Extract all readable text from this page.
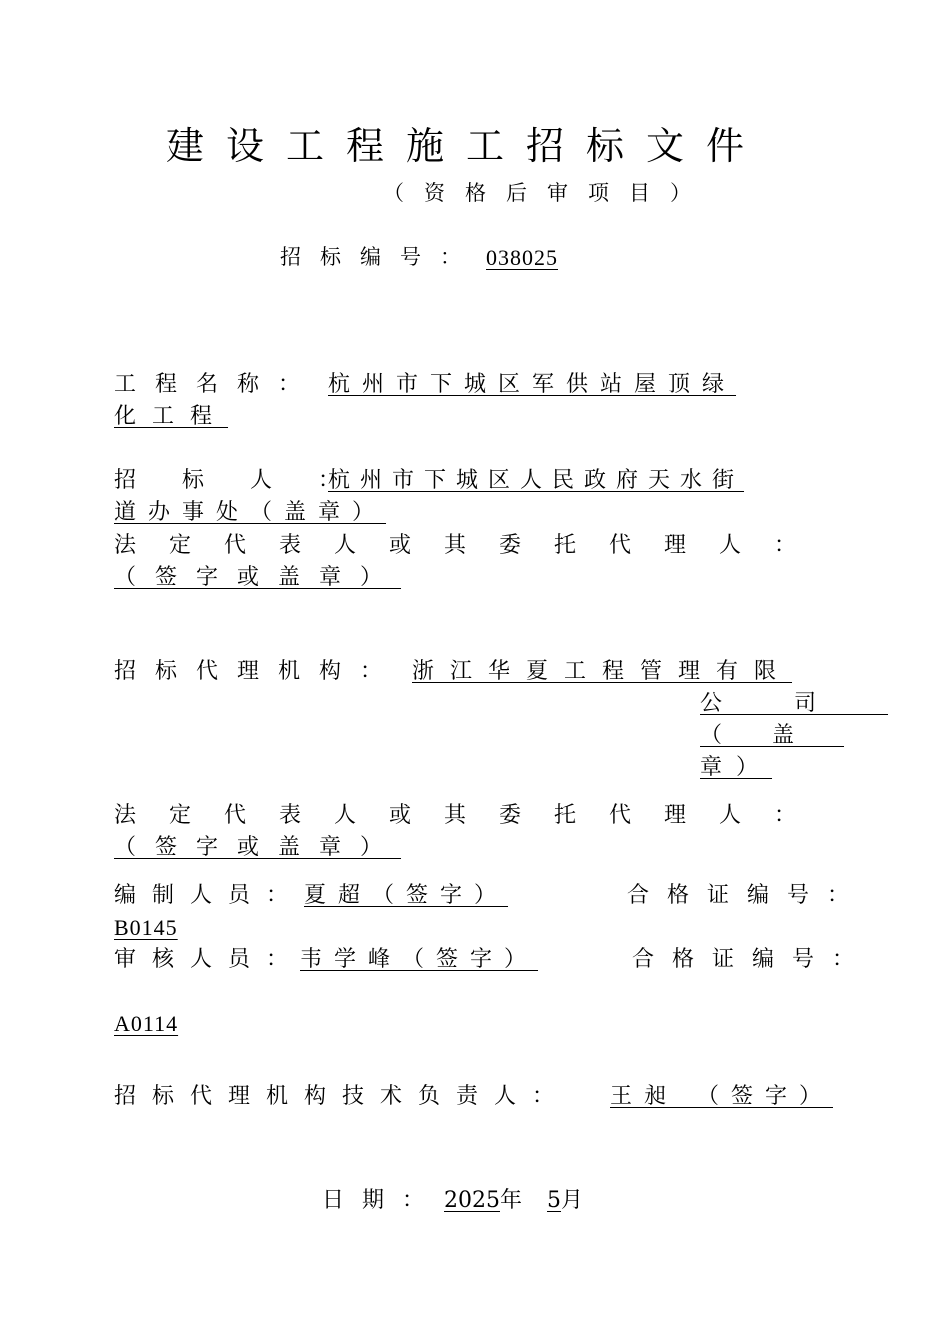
建设工程施工招标文件
（资格后审项目）
招标编号： 038025
工程名称： 杭州市下城区军供站屋顶绿
化工程
招标人：
杭州市下城区人民政府天水街
道办事处（盖章）
法定代表人或其委托代理人：
（签字或盖章）
招标代理机构： 浙江华夏工程管理有限
公司
（盖
章）
法定代表人或其委托代理人：
（签字或盖章）
编制人员： 夏超（签字）	合格证编号：
B0145
审核人员：
韦学峰（签字）	合格证编号：
A0114
招标代理机构技术负责人： 王昶 （签字）
日期： 2025年 5月
